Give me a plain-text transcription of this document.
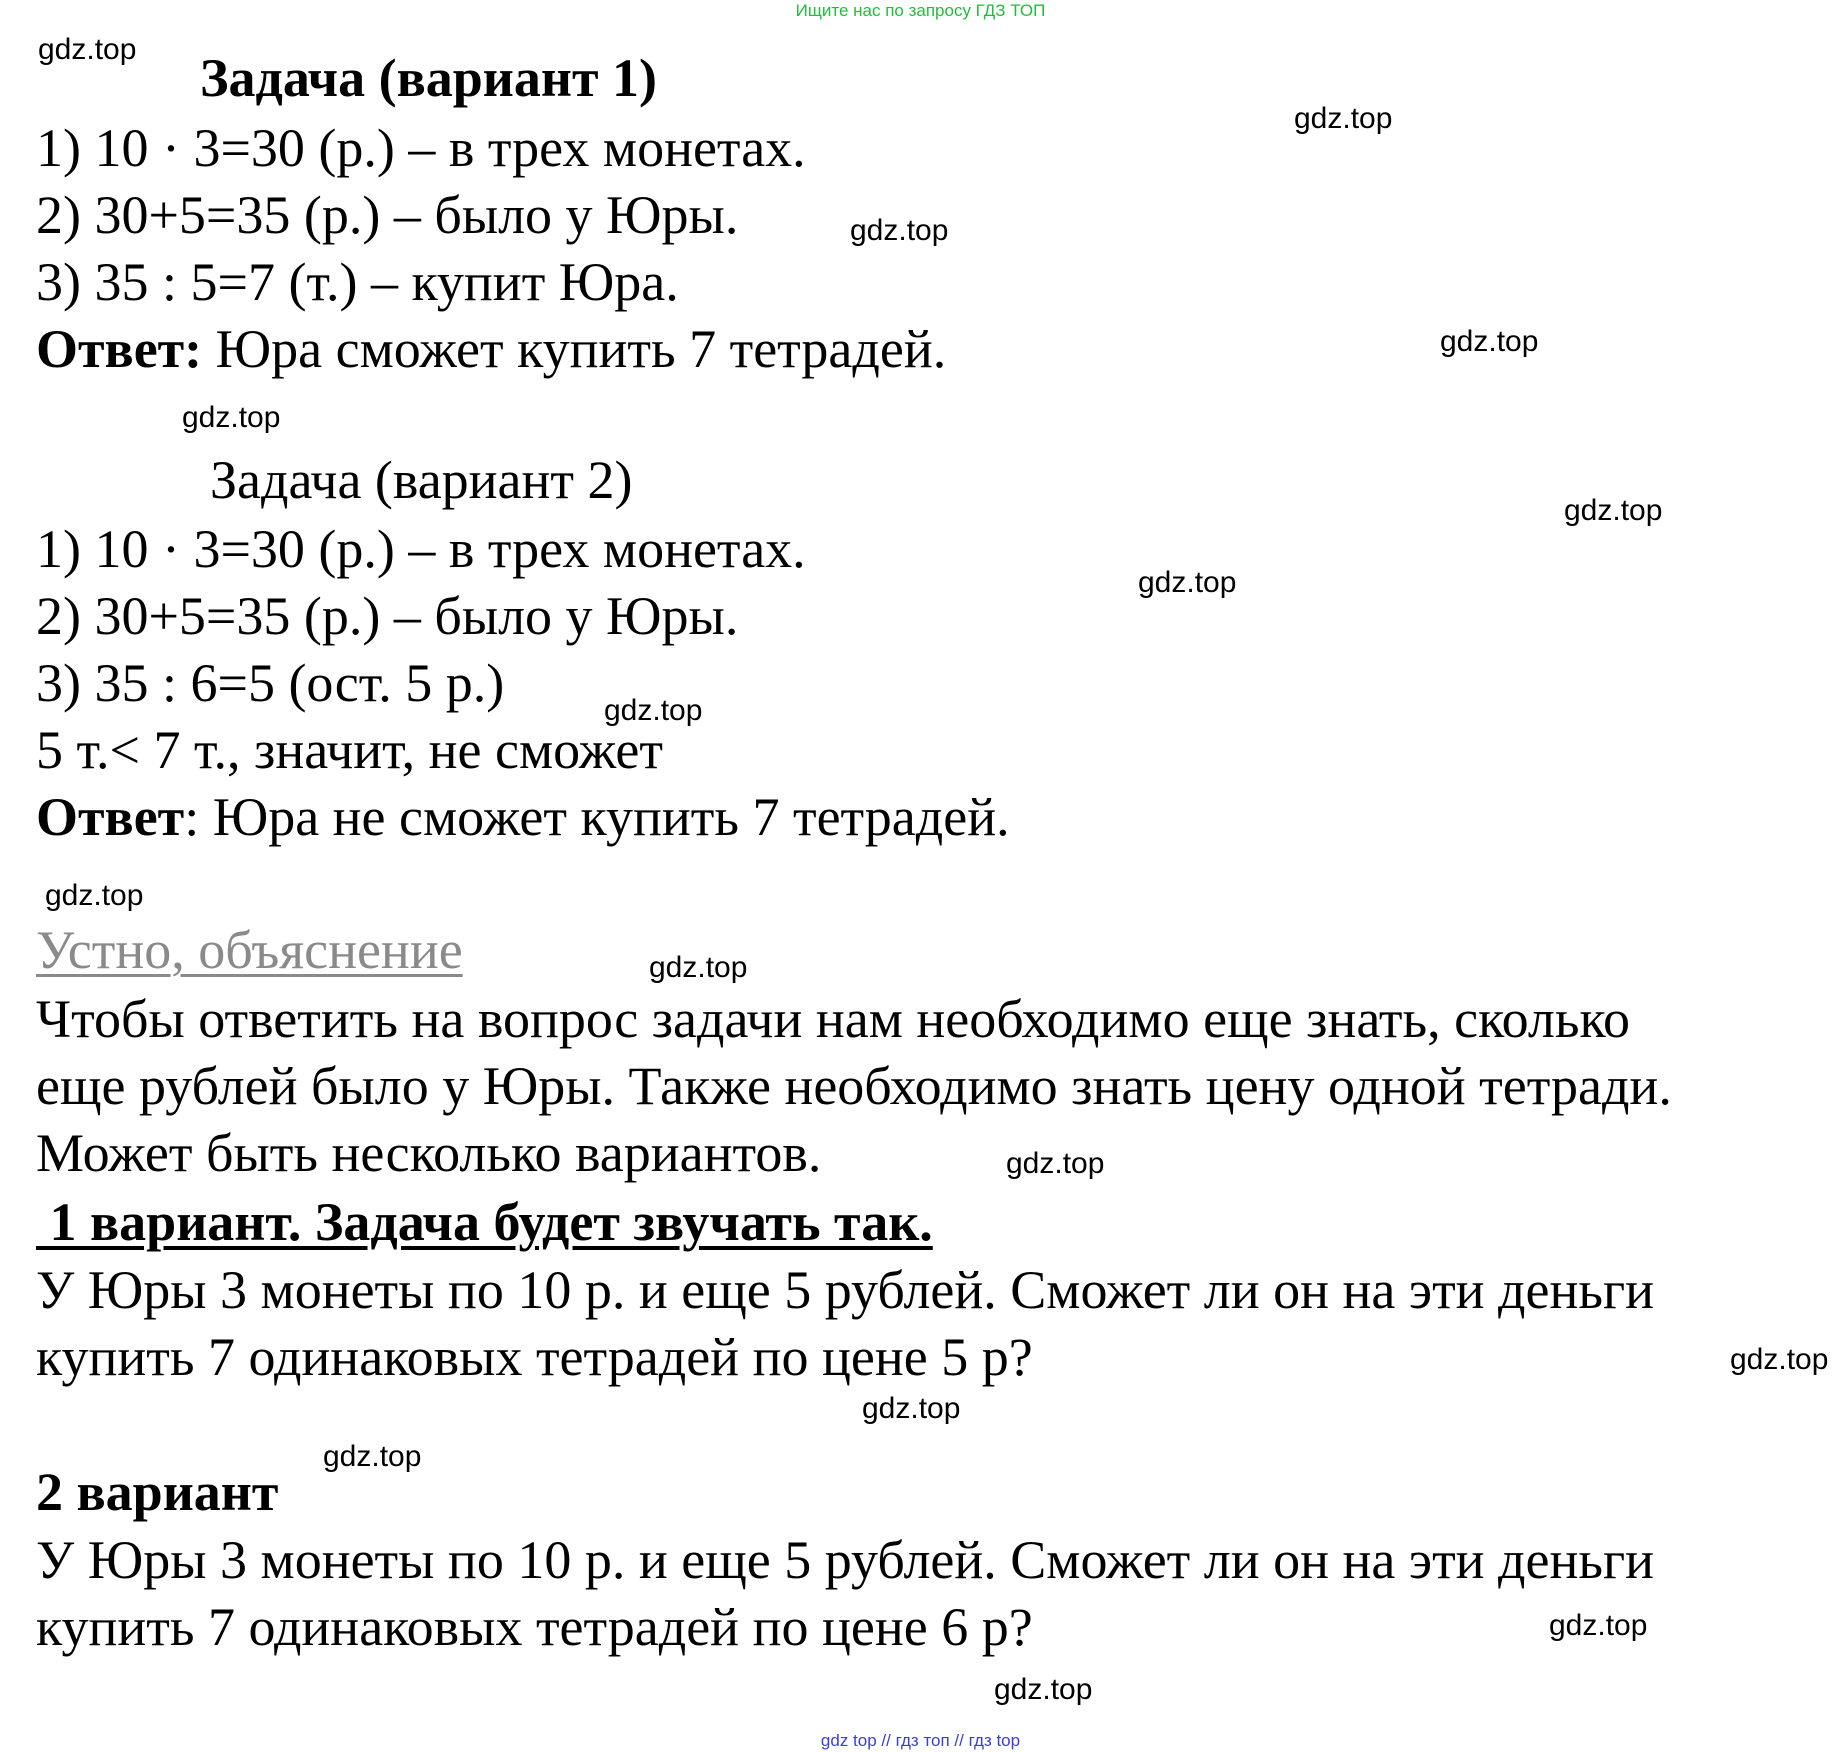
Ищите нас по запросу ГДЗ ТОП
Задача (вариант 1)
1) 10 · 3=30 (р.) – в трех монетах.
2) 30+5=35 (р.) – было у Юры.
3) 35 : 5=7 (т.) – купит Юра.
Ответ: Юра сможет купить 7 тетрадей.
Задача (вариант 2)
1) 10 · 3=30 (р.) – в трех монетах.
2) 30+5=35 (р.) – было у Юры.
3) 35 : 6=5 (ост. 5 р.)
5 т.< 7 т., значит, не сможет
Ответ: Юра не сможет купить 7 тетрадей.
Устно, объяснение
Чтобы ответить на вопрос задачи нам необходимо еще знать, сколько
еще рублей было у Юры. Также необходимо знать цену одной тетради.
Может быть несколько вариантов.
1 вариант. Задача будет звучать так.
У Юры 3 монеты по 10 р. и еще 5 рублей. Сможет ли он на эти деньги
купить 7 одинаковых тетрадей по цене 5 р?
2 вариант
У Юры 3 монеты по 10 р. и еще 5 рублей. Сможет ли он на эти деньги
купить 7 одинаковых тетрадей по цене 6 р?
gdz.top
gdz.top
gdz.top
gdz.top
gdz.top
gdz.top
gdz.top
gdz.top
gdz.top
gdz.top
gdz.top
gdz.top
gdz.top
gdz.top
gdz.top
gdz.top
gdz top // гдз топ // гдз top
